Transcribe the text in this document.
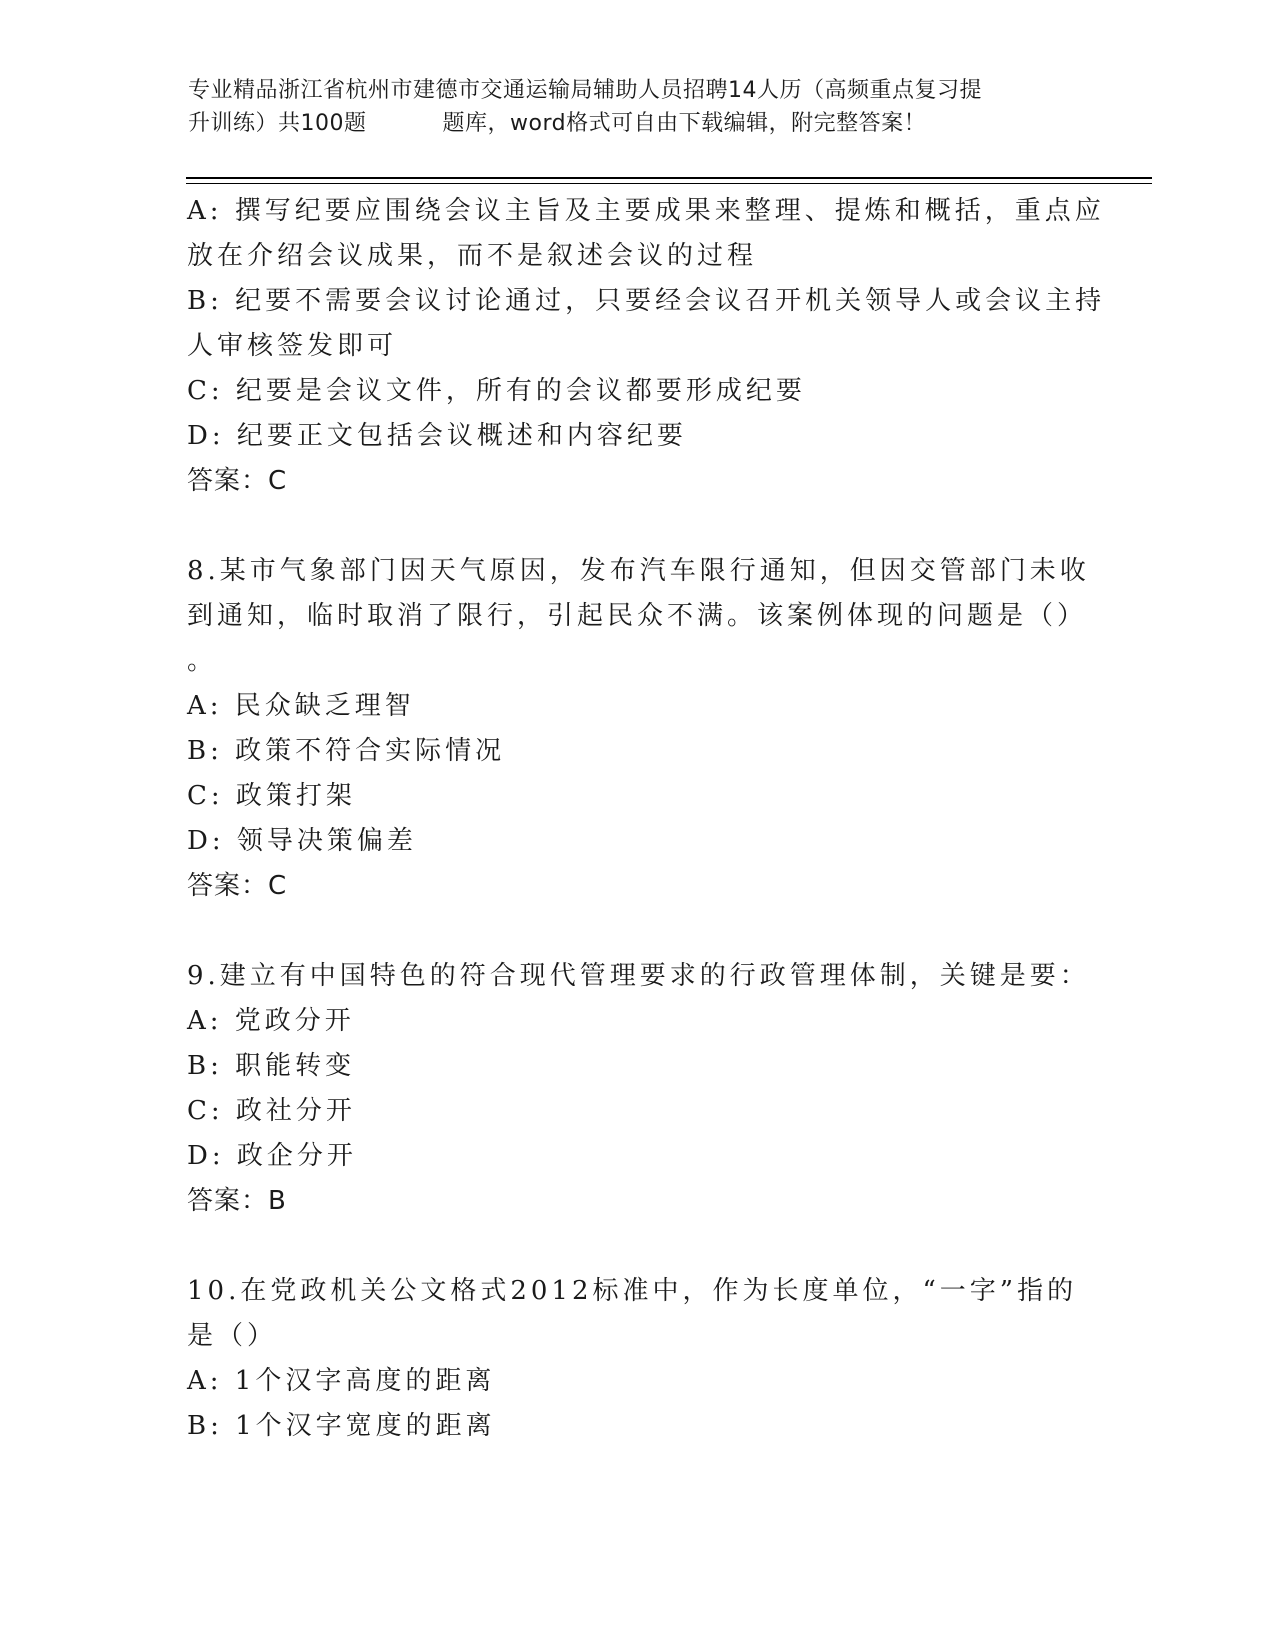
专业精品浙江省杭州市建德市交通运输局辅助人员招聘14人历（高频重点复习提
升训练）共100题	题库，word格式可自由下载编辑，附完整答案！
A: 撰写纪要应围绕会议主旨及主要成果来整理、提炼和概括，重点应
放在介绍会议成果，而不是叙述会议的过程
B: 纪要不需要会议讨论通过，只要经会议召开机关领导人或会议主持
人审核签发即可
C: 纪要是会议文件，所有的会议都要形成纪要
D: 纪要正文包括会议概述和内容纪要
答案：C
8.某市气象部门因天气原因，发布汽车限行通知，但因交管部门未收
到通知，临时取消了限行，引起民众不满。该案例体现的问题是（）
。
A: 民众缺乏理智
B: 政策不符合实际情况
C: 政策打架
D: 领导决策偏差
答案：C
9.建立有中国特色的符合现代管理要求的行政管理体制，关键是要：
A: 党政分开
B: 职能转变
C: 政社分开
D: 政企分开
答案：B
10.在党政机关公文格式2012标准中，作为长度单位，“一字”指的
是（）
A: 1个汉字高度的距离
B: 1个汉字宽度的距离
